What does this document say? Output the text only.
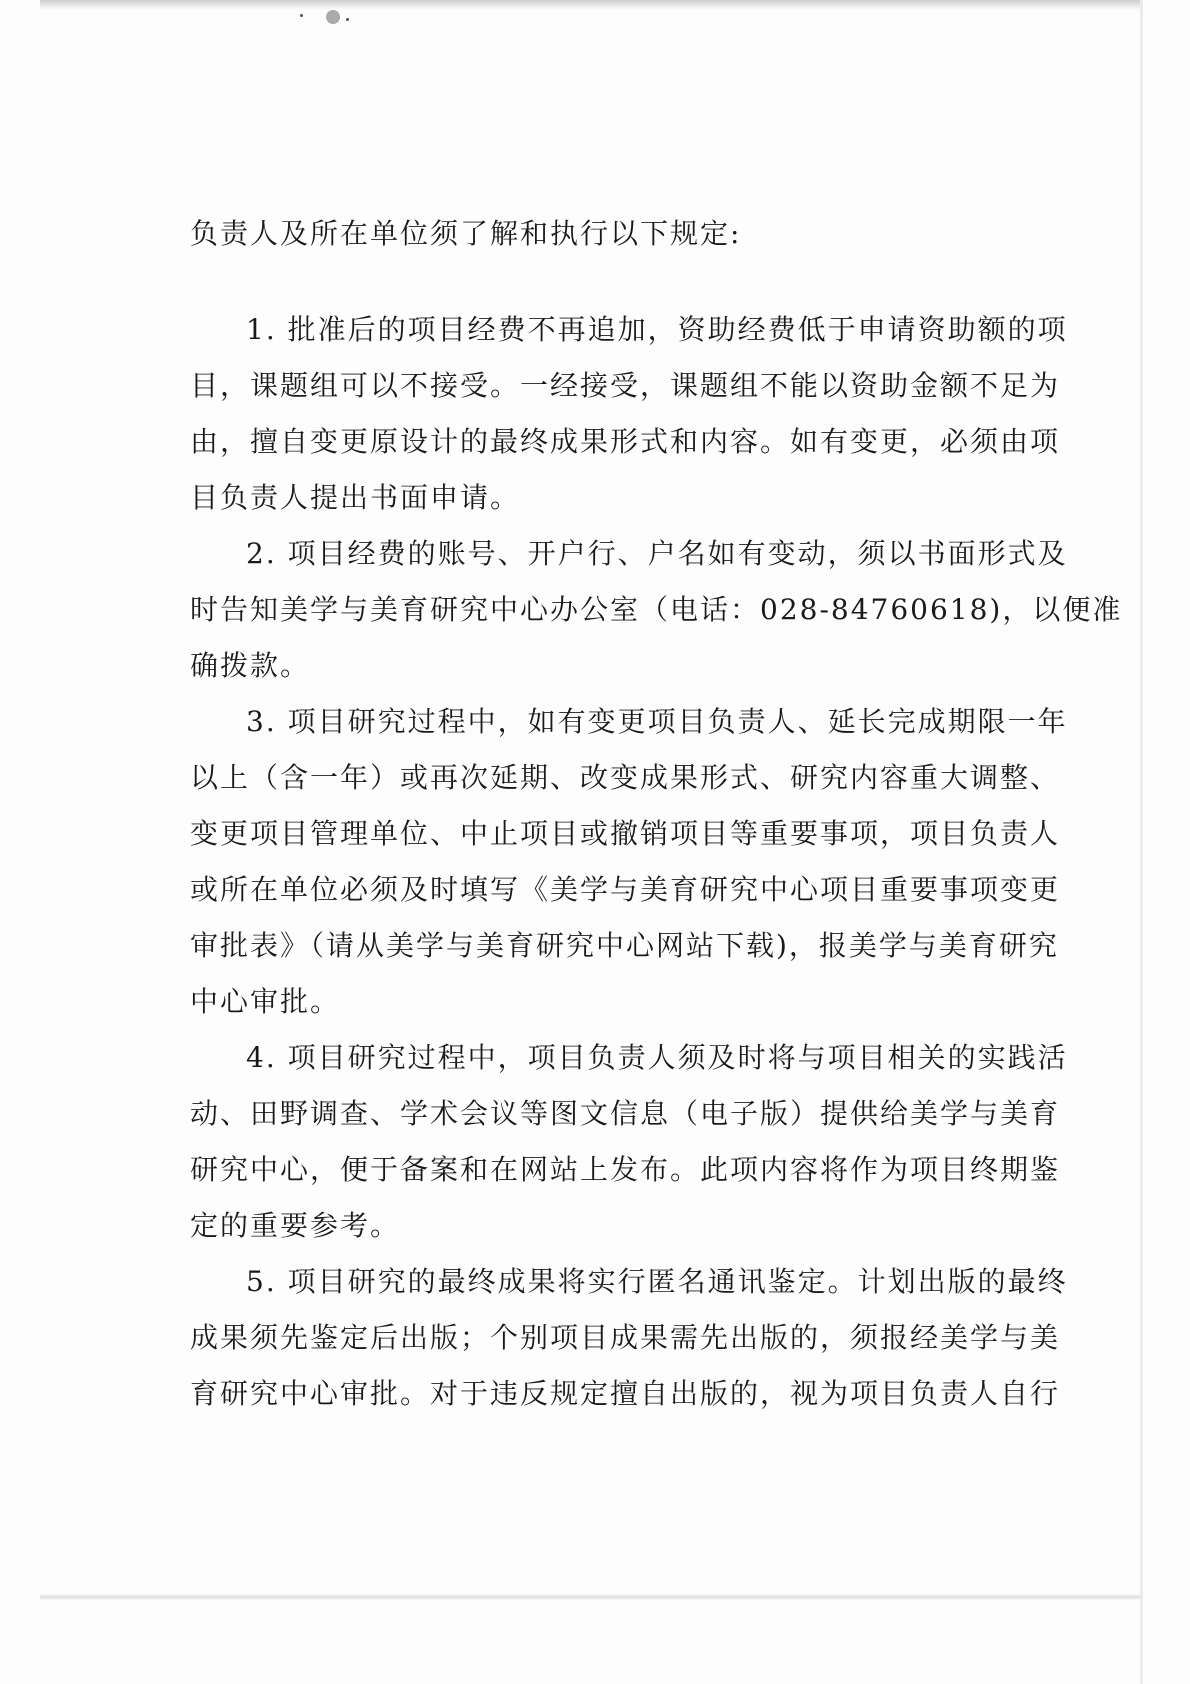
负责人及所在单位须了解和执行以下规定:
1. 批准后的项目经费不再追加，资助经费低于申请资助额的项
目，课题组可以不接受。一经接受，课题组不能以资助金额不足为
由，擅自变更原设计的最终成果形式和内容。如有变更，必须由项
目负责人提出书面申请。
2. 项目经费的账号、开户行、户名如有变动，须以书面形式及
时告知美学与美育研究中心办公室（电话：028-84760618)，以便准
确拨款。
3. 项目研究过程中，如有变更项目负责人、延长完成期限一年
以上（含一年）或再次延期、改变成果形式、研究内容重大调整、
变更项目管理单位、中止项目或撤销项目等重要事项，项目负责人
或所在单位必须及时填写《美学与美育研究中心项目重要事项变更
审批表》（请从美学与美育研究中心网站下载)，报美学与美育研究
中心审批。
4. 项目研究过程中，项目负责人须及时将与项目相关的实践活
动、田野调查、学术会议等图文信息（电子版）提供给美学与美育
研究中心，便于备案和在网站上发布。此项内容将作为项目终期鉴
定的重要参考。
5. 项目研究的最终成果将实行匿名通讯鉴定。计划出版的最终
成果须先鉴定后出版；个别项目成果需先出版的，须报经美学与美
育研究中心审批。对于违反规定擅自出版的，视为项目负责人自行
